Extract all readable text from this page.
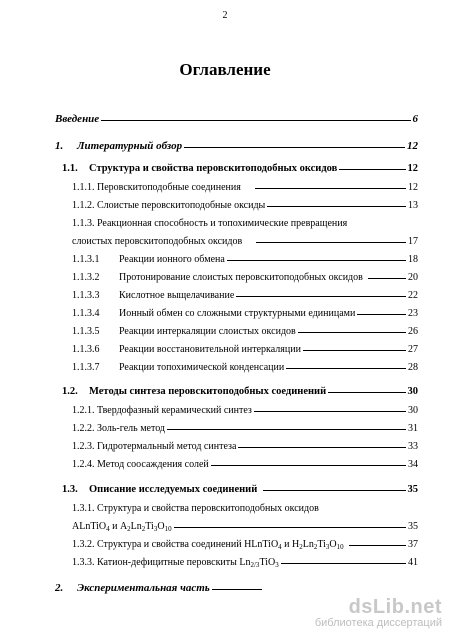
2
Оглавление
Введение	6
1. Литературный обзор	12
1.1. Структура и свойства перовскитоподобных оксидов	12
1.1.1. Перовскитоподобные соединения	12
1.1.2. Слоистые перовскитоподобные оксиды	13
1.1.3. Реакционная способность и топохимические превращения
слоистых перовскитоподобных оксидов	17
1.1.3.1 Реакции ионного обмена	18
1.1.3.2 Протонирование слоистых перовскитоподобных оксидов	20
1.1.3.3 Кислотное выщелачивание	22
1.1.3.4 Ионный обмен со сложными структурными единицами	23
1.1.3.5 Реакции интеркаляции слоистых оксидов	26
1.1.3.6 Реакции восстановительной интеркаляции	27
1.1.3.7 Реакции топохимической конденсации	28
1.2. Методы синтеза перовскитоподобных соединений	30
1.2.1. Твердофазный керамический синтез	30
1.2.2. Золь-гель метод	31
1.2.3. Гидротермальный метод синтеза	33
1.2.4. Метод соосаждения солей	34
1.3. Описание исследуемых соединений	35
1.3.1. Структура и свойства перовскитоподобных оксидов
ALnTiO$_4$ и $A_2Ln_2Ti_3O_{10}$	35
1.3.2. Структура и свойства соединений HLnTiO$_4$ и $H_2Ln_2Ti_3O_{10}$	37
1.3.3. Катион-дефицитные перовскиты $Ln_{2/3}TiO_3$	41
2. Экспериментальная часть
dsLib.net
библиотека диссертаций
